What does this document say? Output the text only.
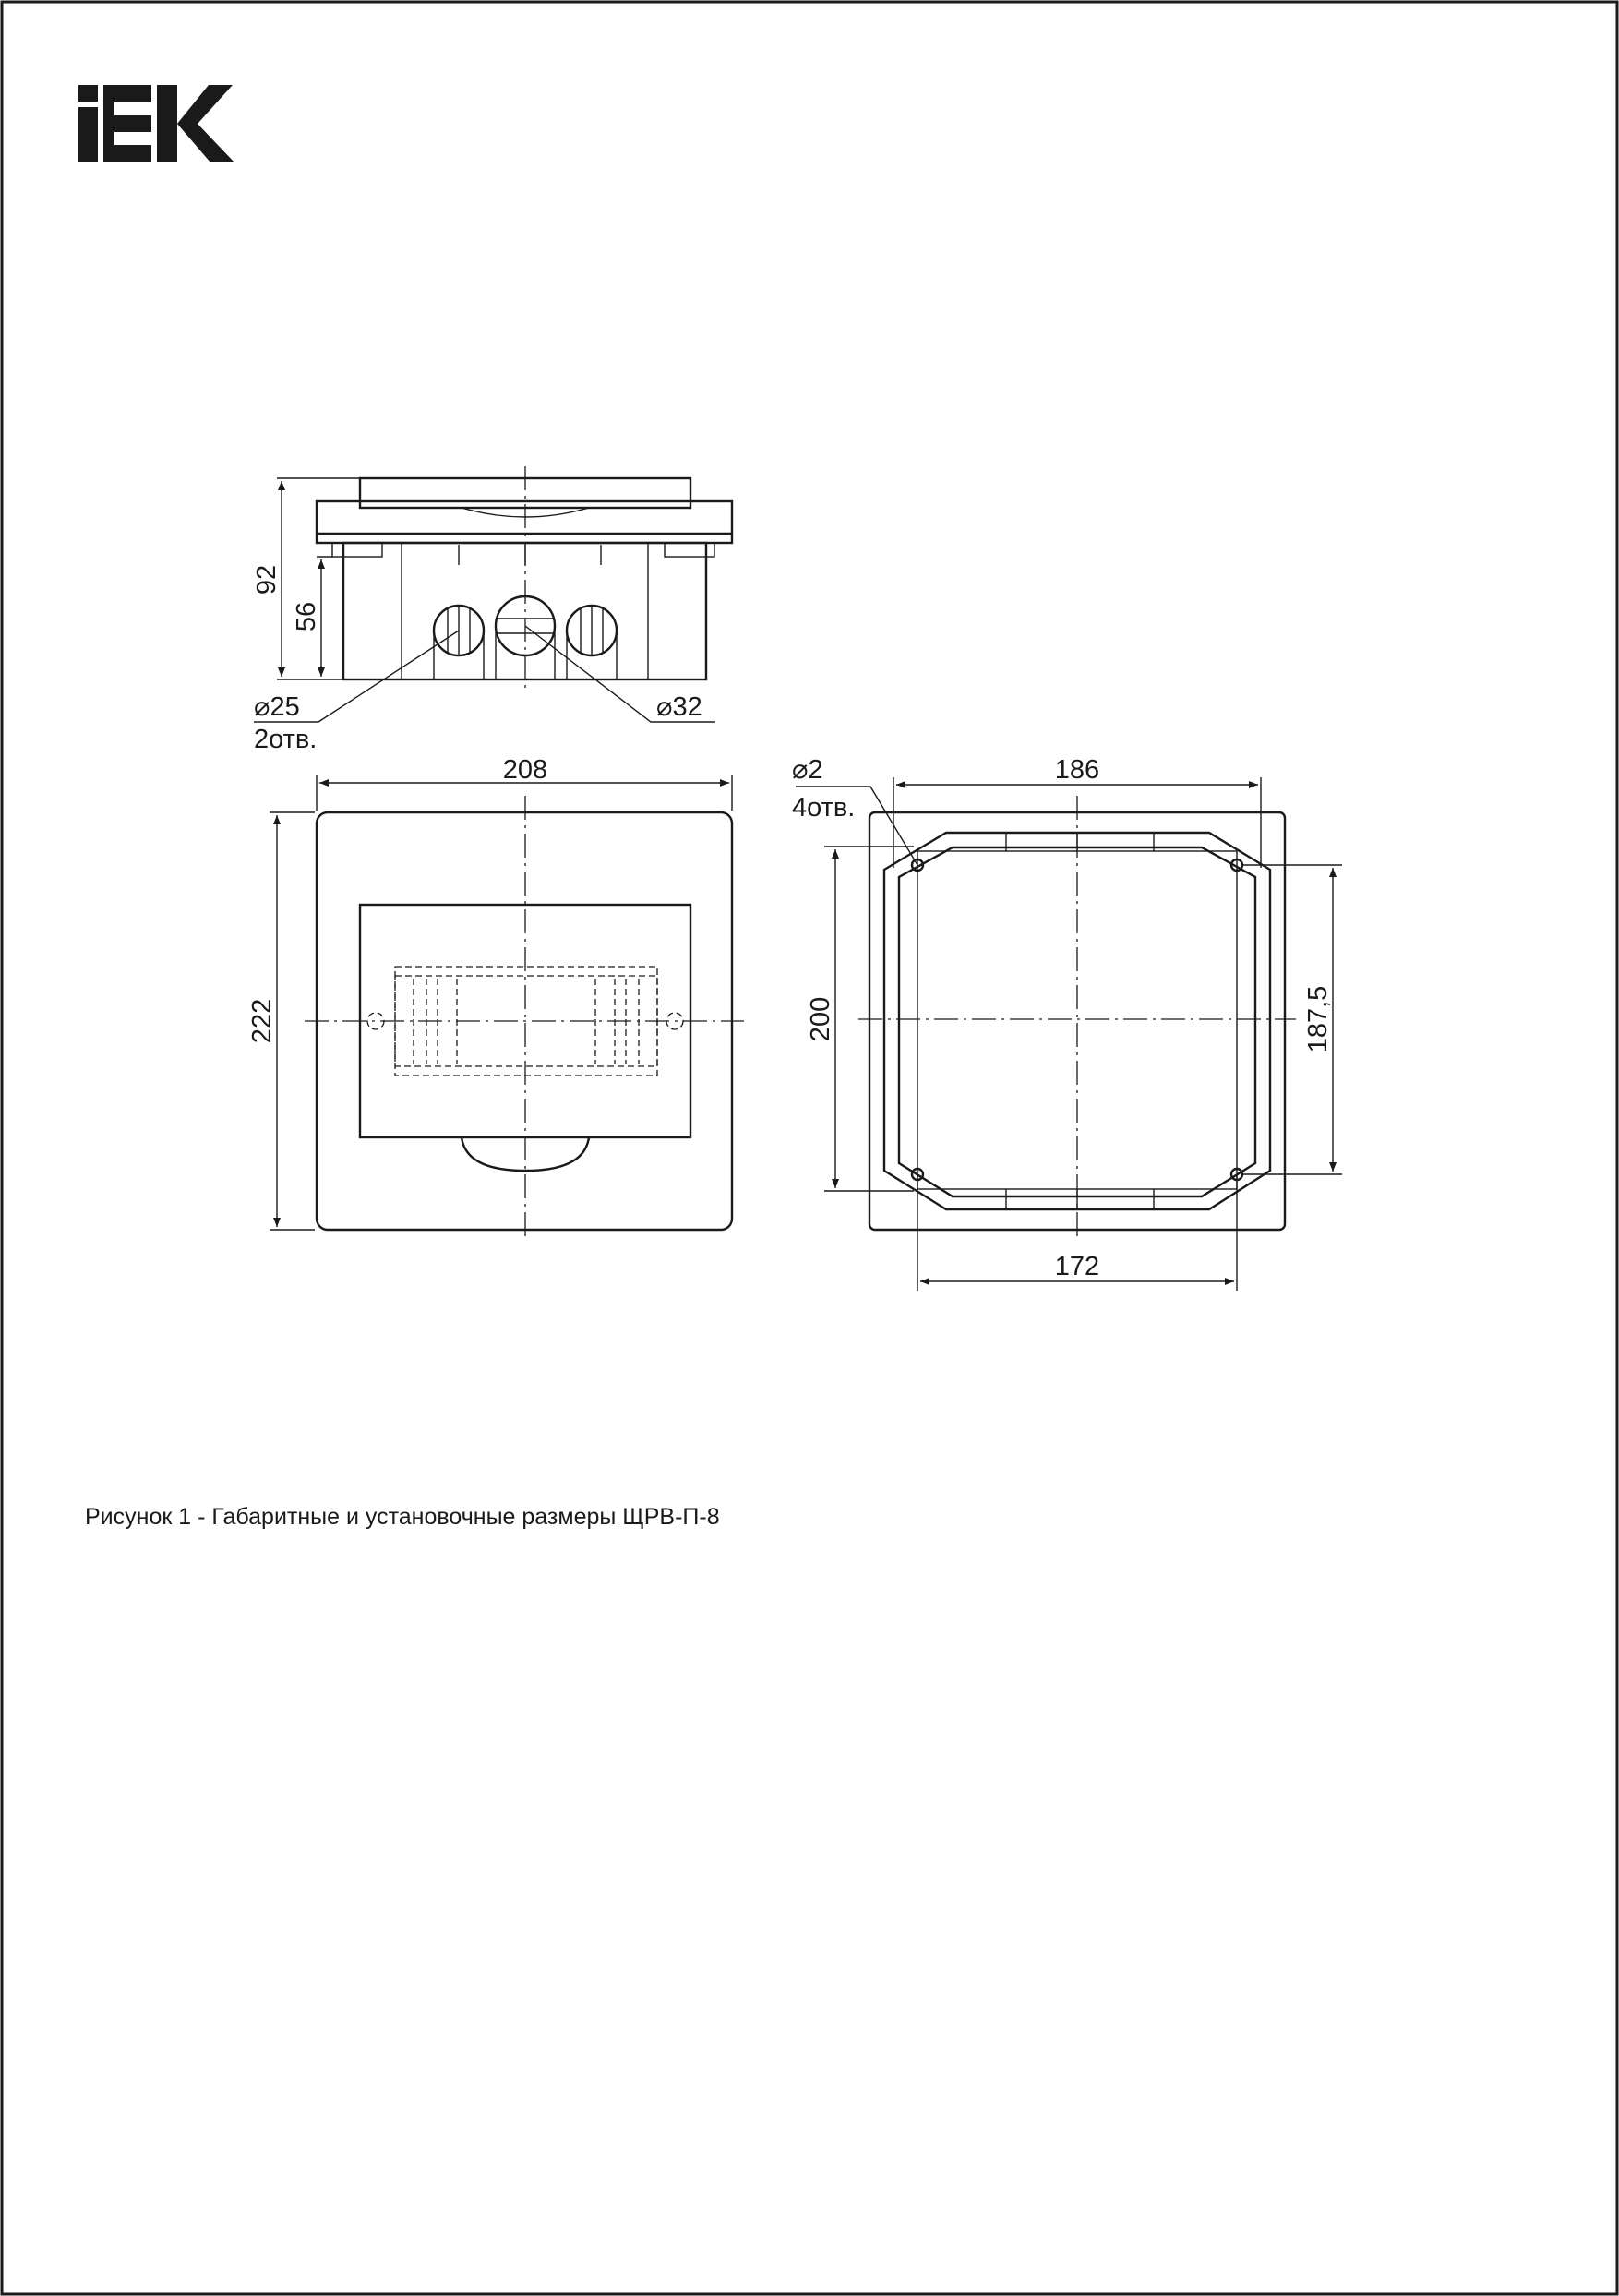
92
56
⌀25
2отв.
⌀32
208
222
⌀2
4отв.
186
172
200	187,5
Рисунок 1 - Габаритные и установочные размеры ЩРВ-П-8
